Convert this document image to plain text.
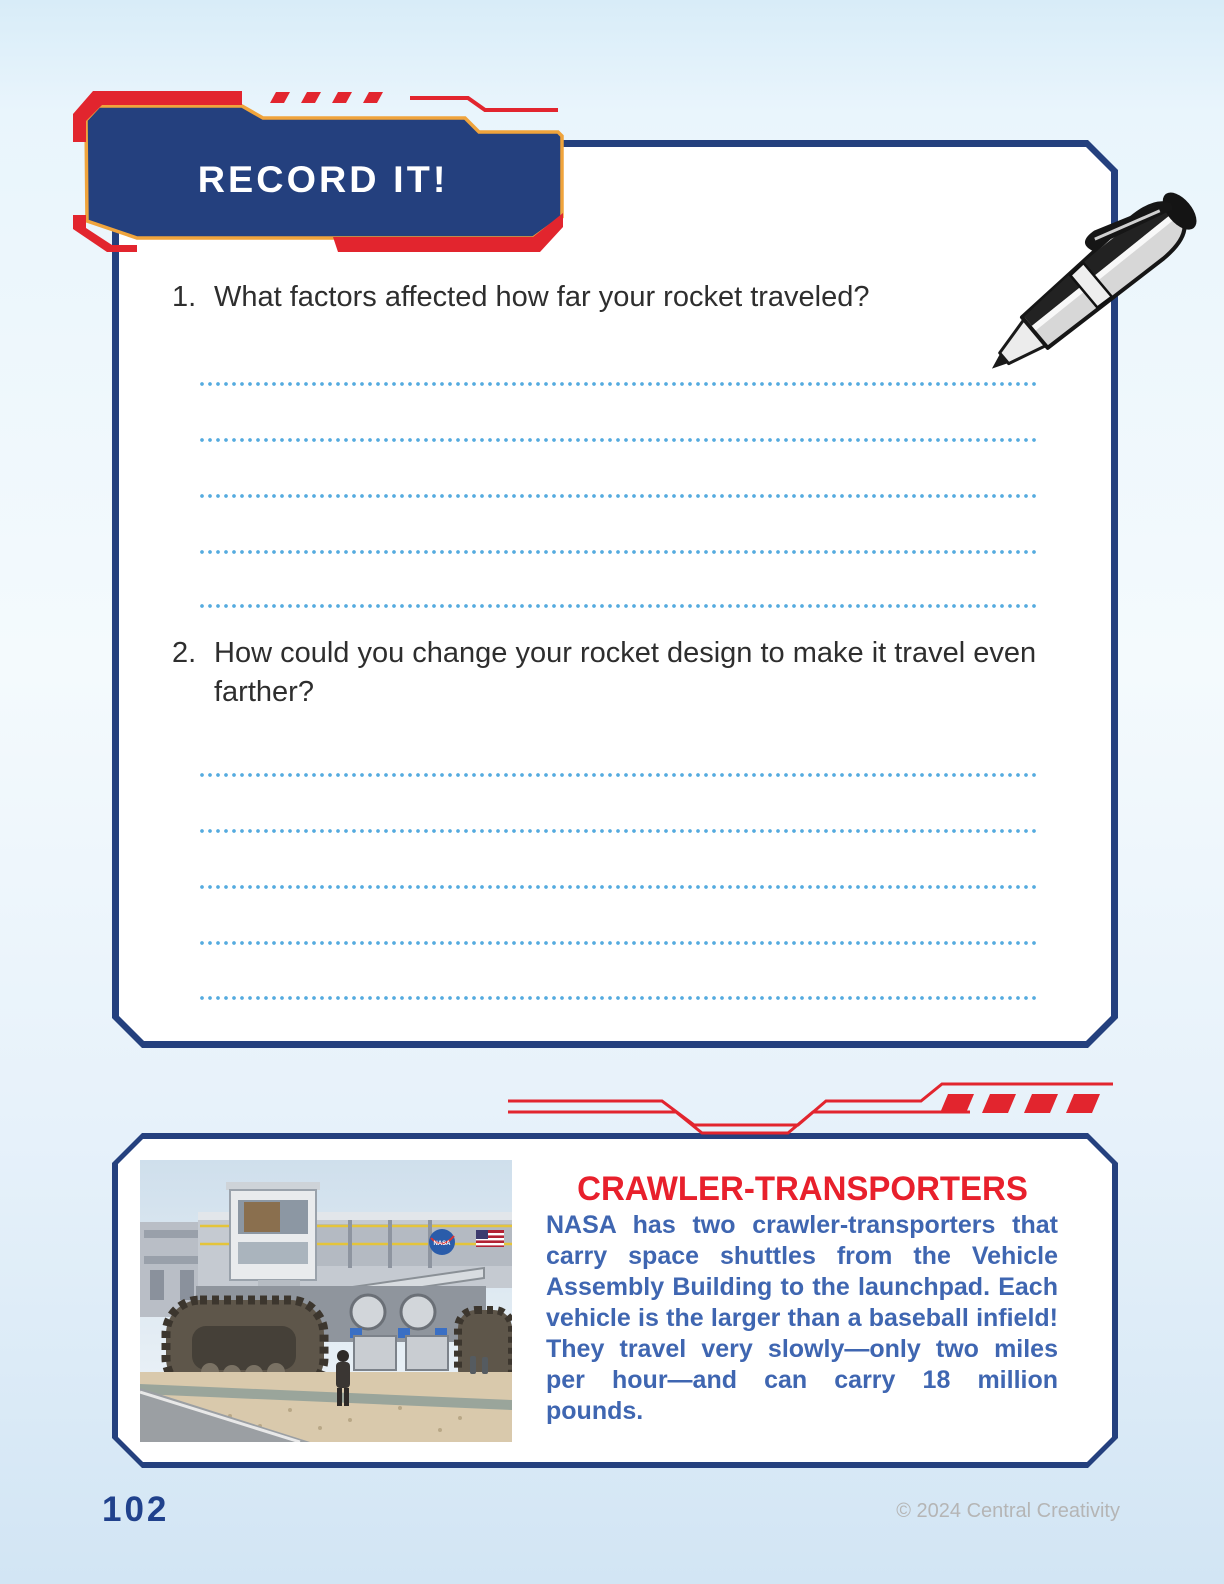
RECORD IT!
1. What factors affected how far your rocket traveled?
2. How could you change your rocket design to make it travel even farther?
NASA
CRAWLER-TRANSPORTERS
NASA has two crawler-transporters that carry space shuttles from the Vehicle Assembly Building to the launchpad. Each vehicle is the larger than a baseball infield! They travel very slowly—only two miles per hour—and can carry 18 million pounds.
102	© 2024 Central Creativity
